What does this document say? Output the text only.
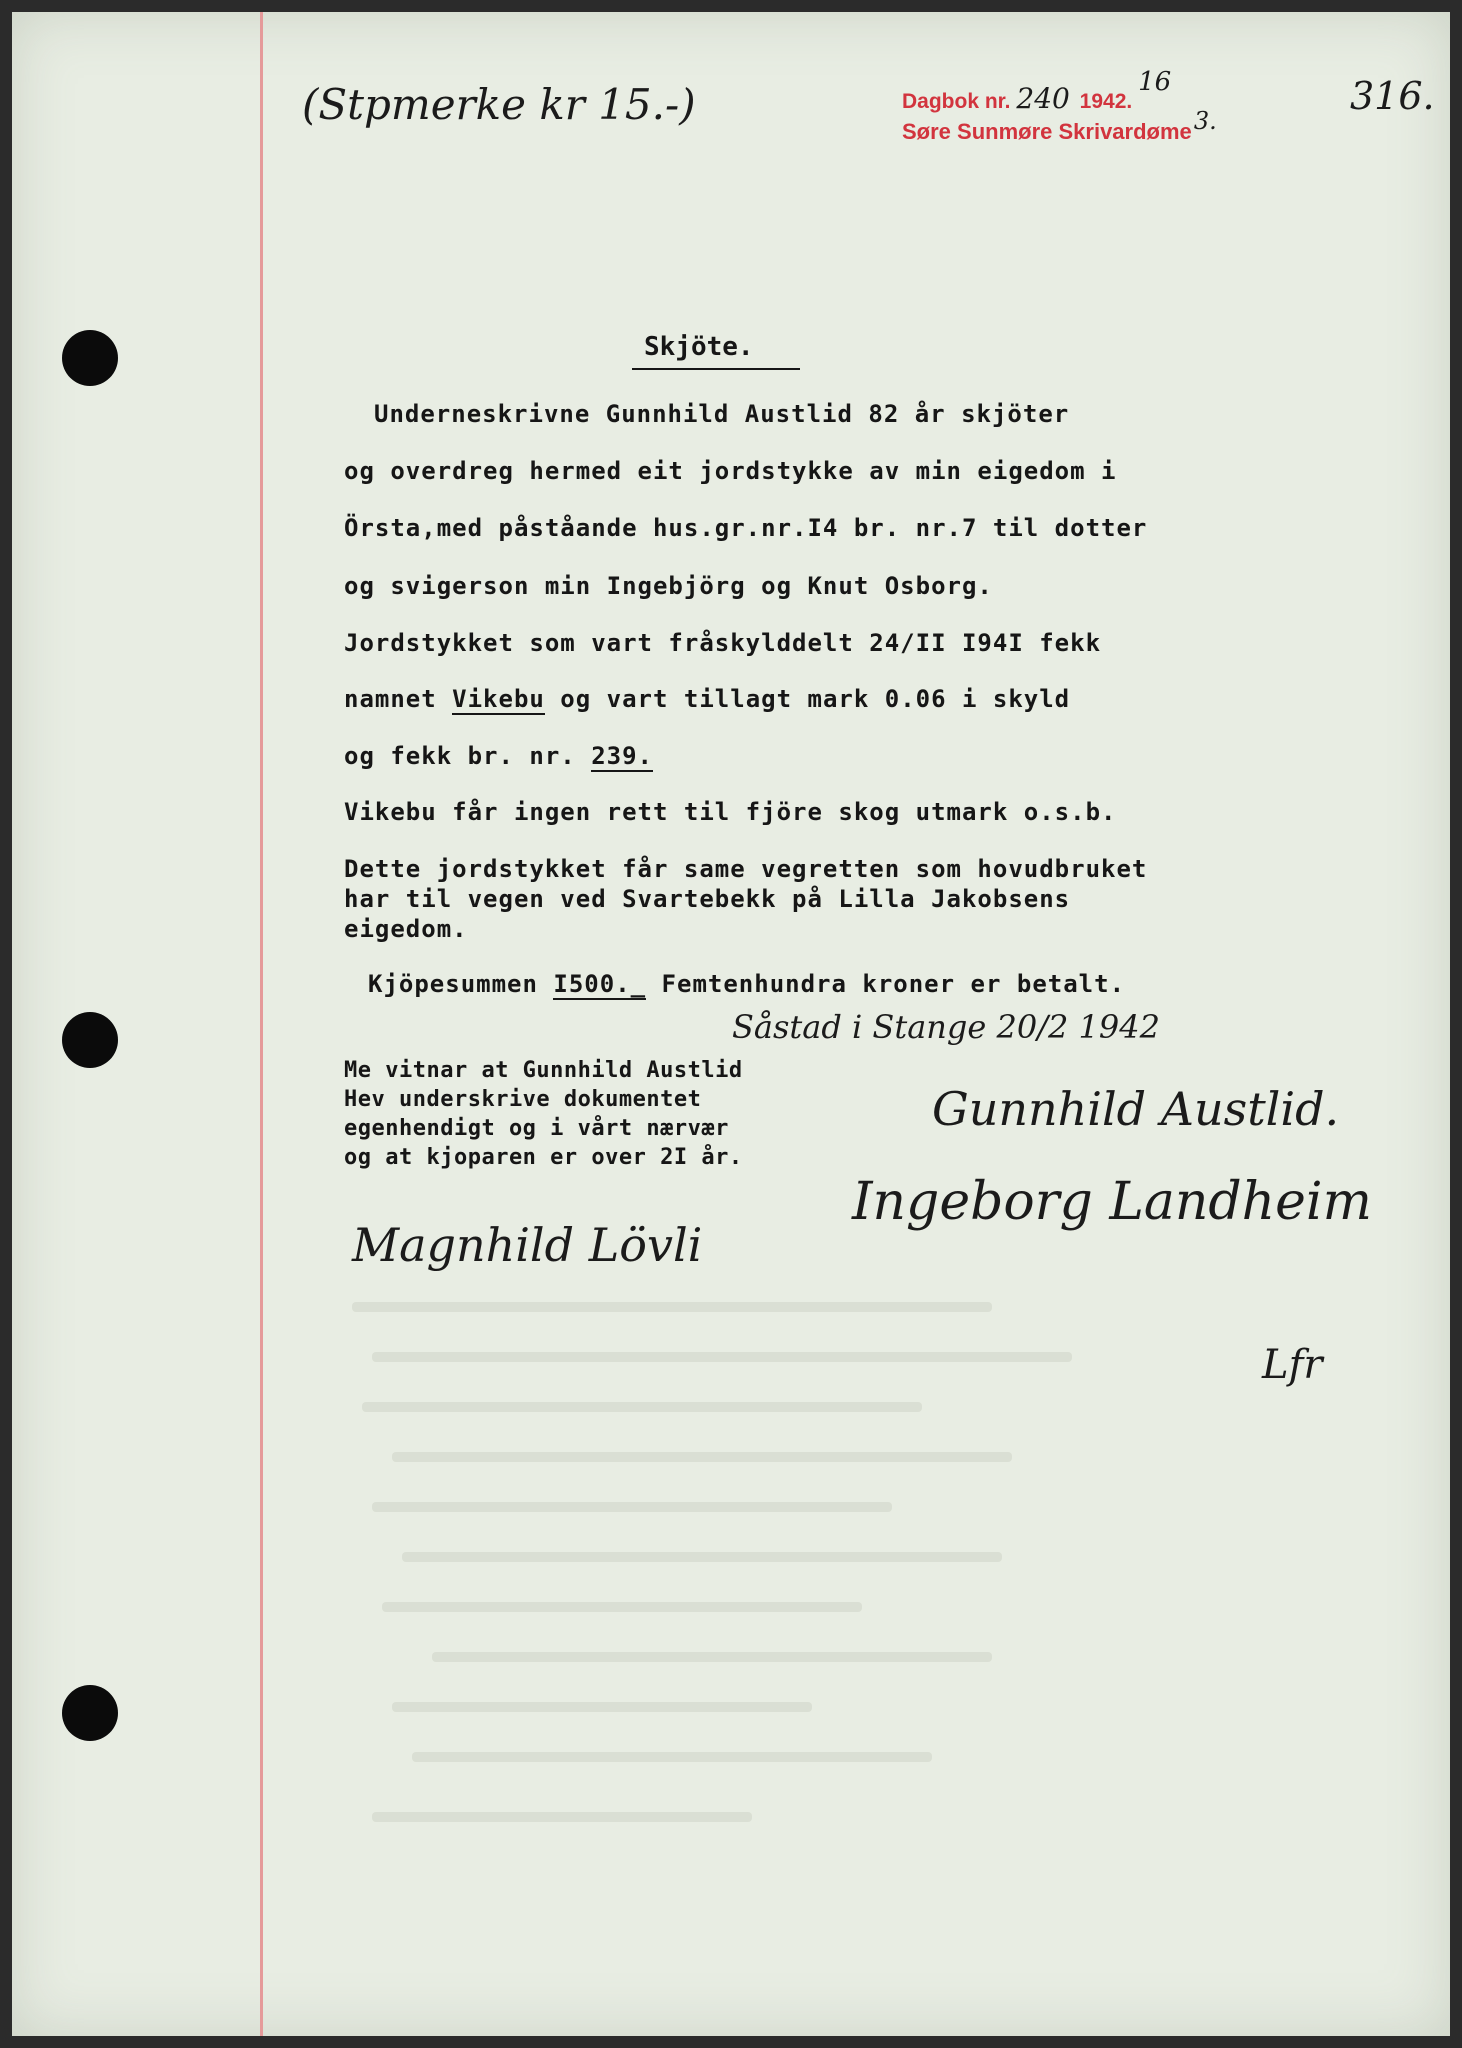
(Stpmerke kr 15.-)	Dagbok nr. 240 1942. 16
Søre Sunmøre Skrivardøme 3.
316.
Skjöte.
Underneskrivne Gunnhild Austlid 82 år skjöter
og overdreg hermed eit jordstykke av min eigedom i
Örsta,med påståande hus.gr.nr.I4 br. nr.7 til dotter
og svigerson min Ingebjörg og Knut Osborg.
Jordstykket som vart fråskylddelt 24/II I94I fekk
namnet Vikebu og vart tillagt mark 0.06 i skyld
og fekk br. nr. 239.
Vikebu får ingen rett til fjöre skog utmark o.s.b.
Dette jordstykket får same vegretten som hovudbruket
har til vegen ved Svartebekk på Lilla Jakobsens
eigedom.
Kjöpesummen I500._ Femtenhundra kroner er betalt.
Såstad i Stange 20/2 1942
Me vitnar at Gunnhild Austlid
Hev underskrive dokumentet
egenhendigt og i vårt nærvær
og at kjoparen er over 2I år.
Gunnhild Austlid.
Ingeborg Landheim
Magnhild Lövli
Lfr
